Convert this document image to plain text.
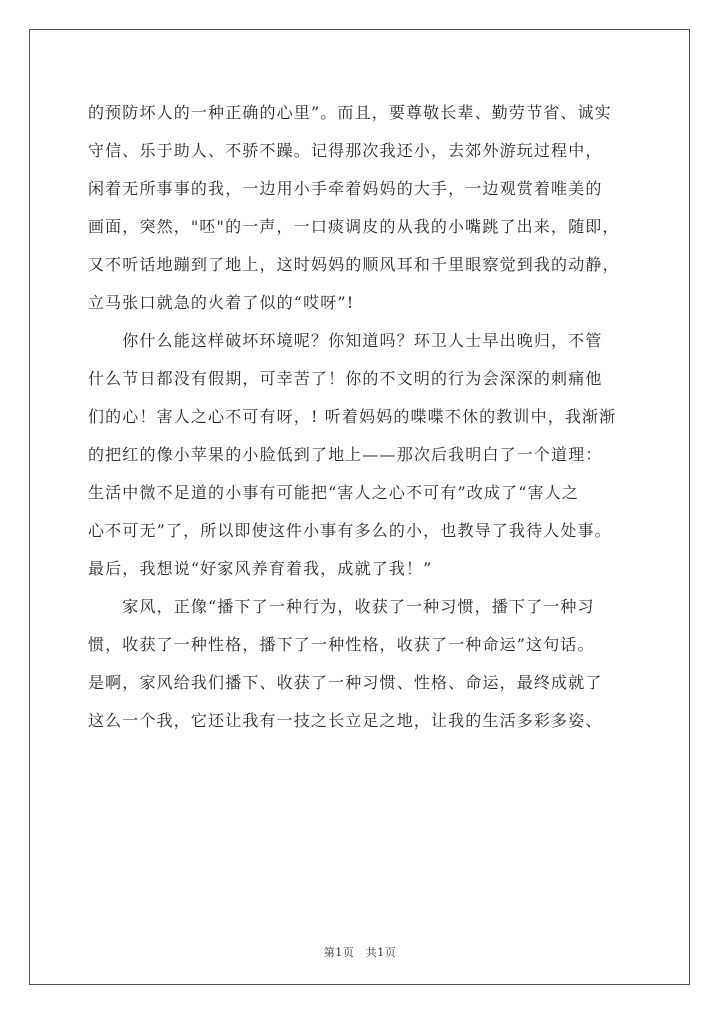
的预防坏人的一种正确的心里”。而且，要尊敬长辈、勤劳节省、诚实
守信、乐于助人、不骄不躁。记得那次我还小，去郊外游玩过程中，
闲着无所事事的我，一边用小手牵着妈妈的大手，一边观赏着唯美的
画面，突然，"呸"的一声，一口痰调皮的从我的小嘴跳了出来，随即，
又不听话地蹦到了地上，这时妈妈的顺风耳和千里眼察觉到我的动静，
立马张口就急的火着了似的“哎呀”!
　　你什么能这样破坏环境呢？你知道吗？环卫人士早出晚归，不管
什么节日都没有假期，可幸苦了！你的不文明的行为会深深的刺痛他
们的心！害人之心不可有呀，! 听着妈妈的喋喋不休的教训中，我渐渐
的把红的像小苹果的小脸低到了地上——那次后我明白了一个道理：
生活中微不足道的小事有可能把“害人之心不可有”改成了“害人之
心不可无”了，所以即使这件小事有多么的小，也教导了我待人处事。
最后，我想说“好家风养育着我，成就了我！”
　　家风，正像“播下了一种行为，收获了一种习惯，播下了一种习
惯，收获了一种性格，播下了一种性格，收获了一种命运”这句话。
是啊，家风给我们播下、收获了一种习惯、性格、命运，最终成就了
这么一个我，它还让我有一技之长立足之地，让我的生活多彩多姿、
第1页　共1页
